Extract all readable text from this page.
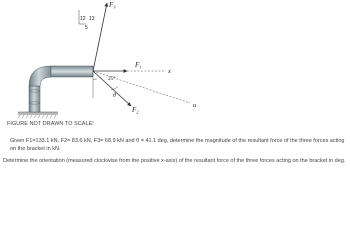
$F_3$
12 13
5
$F_1$
x
25°
u
θ
$F_2$
FIGURE NOT DRAWN TO SCALE!
Given F1=133.1 kN, F2= 83.6 kN, F3= 68.9 kN and θ = 41.1 deg, determine the magnitude of the resultant force of the three forces acting on the bracket in kN.
Determine the orientation (measured clockwise from the positive x-axis) of the resultant force of the three forces acting on the bracket in deg.
